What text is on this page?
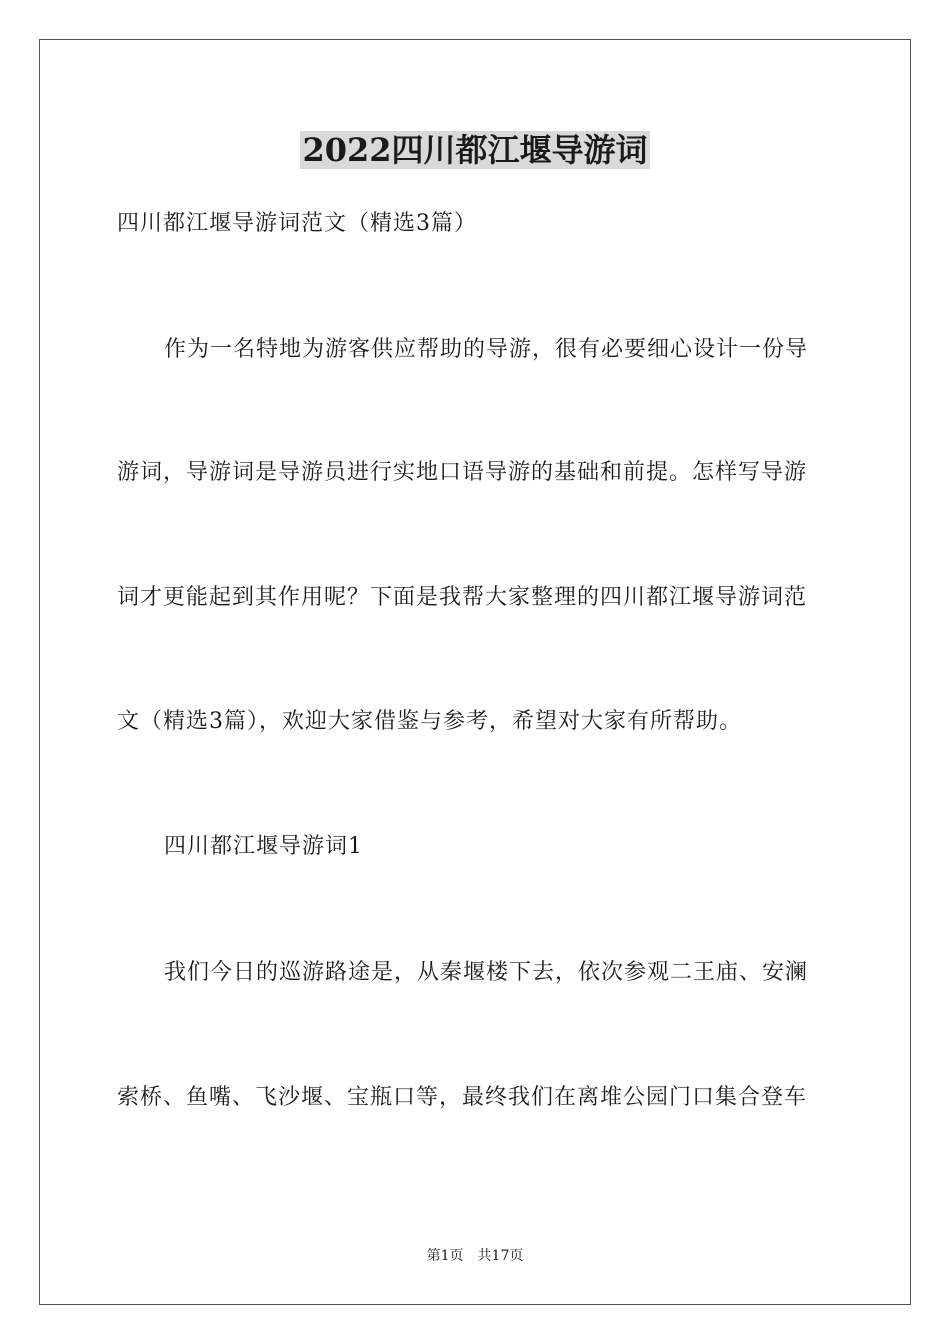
2022四川都江堰导游词
四川都江堰导游词范文（精选3篇）
作为一名特地为游客供应帮助的导游，很有必要细心设计一份导
游词，导游词是导游员进行实地口语导游的基础和前提。怎样写导游
词才更能起到其作用呢？下面是我帮大家整理的四川都江堰导游词范
文（精选3篇），欢迎大家借鉴与参考，希望对大家有所帮助。
四川都江堰导游词1
我们今日的巡游路途是，从秦堰楼下去，依次参观二王庙、安澜
索桥、鱼嘴、飞沙堰、宝瓶口等，最终我们在离堆公园门口集合登车
第1页　共17页
